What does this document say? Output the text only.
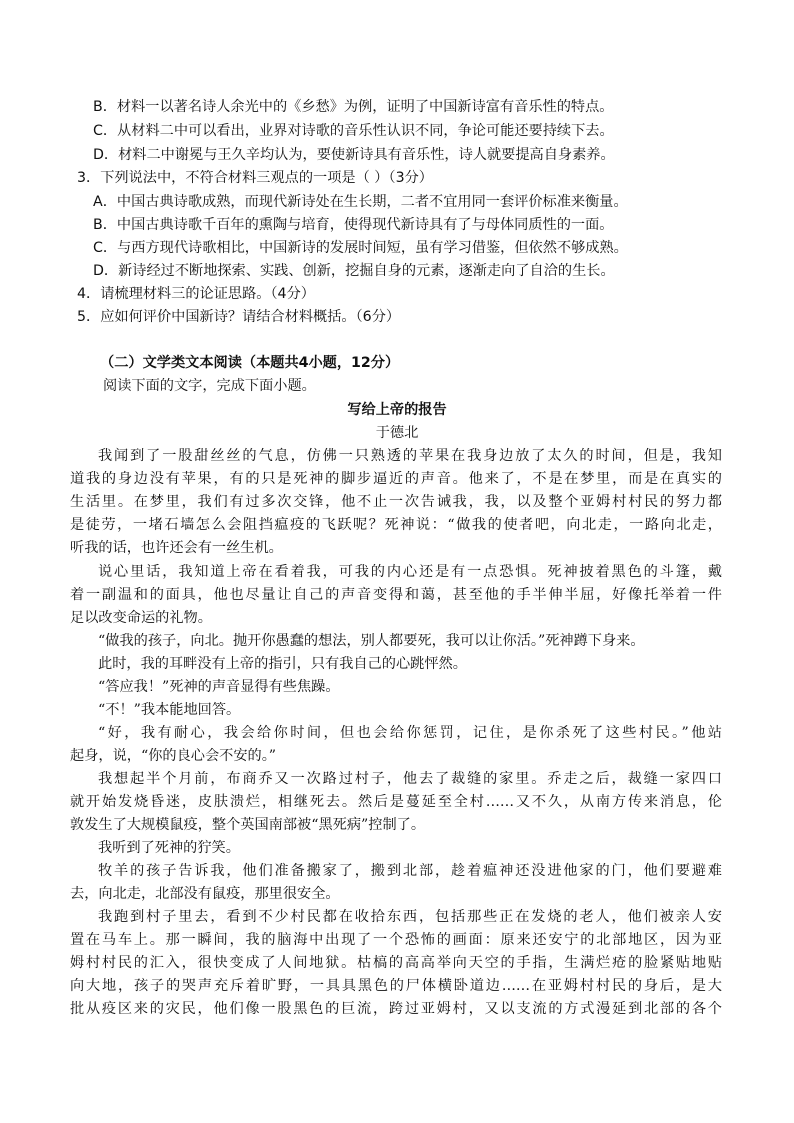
B．材料一以著名诗人余光中的《乡愁》为例，证明了中国新诗富有音乐性的特点。
C．从材料二中可以看出，业界对诗歌的音乐性认识不同，争论可能还要持续下去。
D．材料二中谢冕与王久辛均认为，要使新诗具有音乐性，诗人就要提高自身素养。
3．下列说法中，不符合材料三观点的一项是（ ）（3分）
A．中国古典诗歌成熟，而现代新诗处在生长期，二者不宜用同一套评价标准来衡量。
B．中国古典诗歌千百年的熏陶与培育，使得现代新诗具有了与母体同质性的一面。
C．与西方现代诗歌相比，中国新诗的发展时间短，虽有学习借鉴，但依然不够成熟。
D．新诗经过不断地探索、实践、创新，挖掘自身的元素，逐渐走向了自洽的生长。
4．请梳理材料三的论证思路。（4分）
5．应如何评价中国新诗？请结合材料概括。（6分）
（二）文学类文本阅读（本题共4小题，12分）
阅读下面的文字，完成下面小题。
写给上帝的报告
于德北
我闻到了一股甜丝丝的气息，仿佛一只熟透的苹果在我身边放了太久的时间，但是，我知
道我的身边没有苹果，有的只是死神的脚步逼近的声音。他来了，不是在梦里，而是在真实的
生活里。在梦里，我们有过多次交锋，他不止一次告诫我，我，以及整个亚姆村村民的努力都
是徒劳，一堵石墙怎么会阻挡瘟疫的飞跃呢？死神说：“做我的使者吧，向北走，一路向北走，
听我的话，也许还会有一丝生机。
说心里话，我知道上帝在看着我，可我的内心还是有一点恐惧。死神披着黑色的斗篷，戴
着一副温和的面具，他也尽量让自己的声音变得和蔼，甚至他的手半伸半屈，好像托举着一件
足以改变命运的礼物。
“做我的孩子，向北。抛开你愚蠢的想法，别人都要死，我可以让你活。”死神蹲下身来。
此时，我的耳畔没有上帝的指引，只有我自己的心跳怦然。
“答应我！”死神的声音显得有些焦躁。
“不！”我本能地回答。
“好，我有耐心，我会给你时间，但也会给你惩罚，记住，是你杀死了这些村民。”他站
起身，说，“你的良心会不安的。”
我想起半个月前，布商乔又一次路过村子，他去了裁缝的家里。乔走之后，裁缝一家四口
就开始发烧昏迷，皮肤溃烂，相继死去。然后是蔓延至全村……又不久，从南方传来消息，伦
敦发生了大规模鼠疫，整个英国南部被“黑死病”控制了。
我听到了死神的狞笑。
牧羊的孩子告诉我，他们准备搬家了，搬到北部，趁着瘟神还没进他家的门，他们要避难
去，向北走，北部没有鼠疫，那里很安全。
我跑到村子里去，看到不少村民都在收拾东西，包括那些正在发烧的老人，他们被亲人安
置在马车上。那一瞬间，我的脑海中出现了一个恐怖的画面：原来还安宁的北部地区，因为亚
姆村村民的汇入，很快变成了人间地狱。枯槁的高高举向天空的手指，生满烂疮的脸紧贴地贴
向大地，孩子的哭声充斥着旷野，一具具黑色的尸体横卧道边……在亚姆村村民的身后，是大
批从疫区来的灾民，他们像一股黑色的巨流，跨过亚姆村，又以支流的方式漫延到北部的各个
